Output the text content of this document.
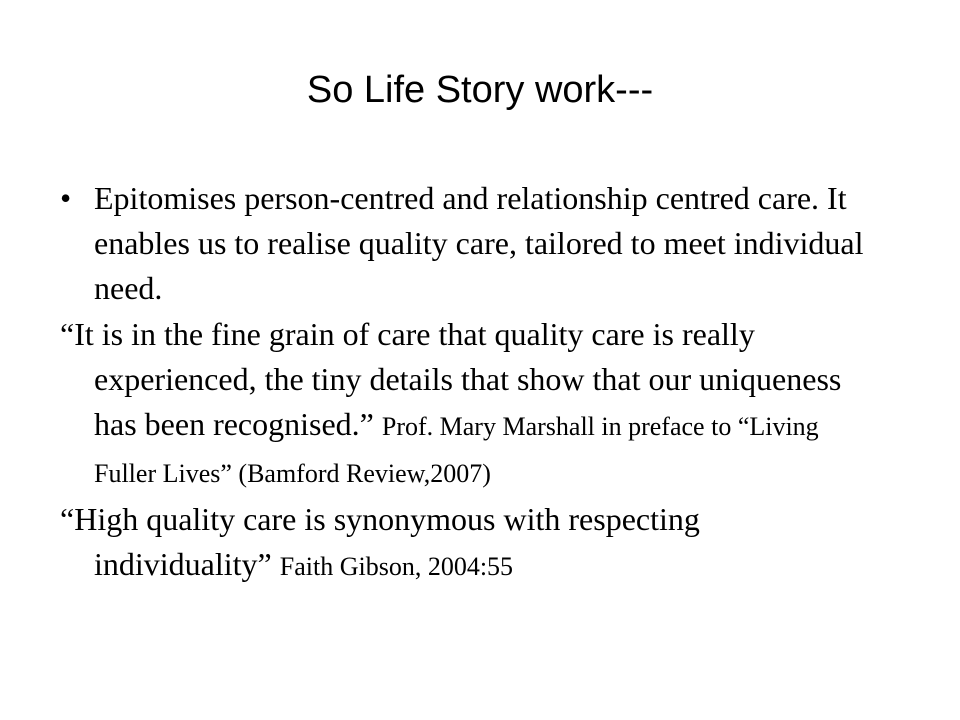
So Life Story work---

• Epitomises person-centred and relationship centred care. It enables us to realise quality care, tailored to meet individual need.

“It is in the fine grain of care that quality care is really experienced, the tiny details that show that our uniqueness has been recognised.” Prof. Mary Marshall in preface to “Living Fuller Lives” (Bamford Review,2007)

“High quality care is synonymous with respecting individuality” Faith Gibson, 2004:55
